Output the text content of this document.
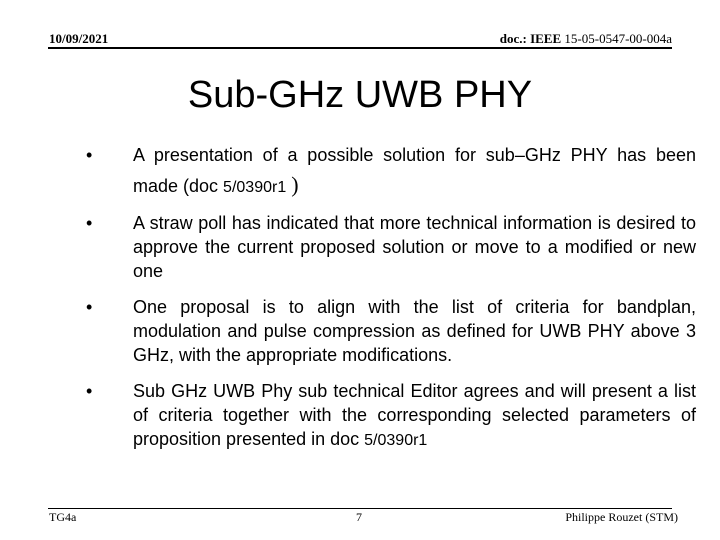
10/09/2021	doc.: IEEE 15-05-0547-00-004a
Sub-GHz UWB PHY
• A presentation of a possible solution for sub–GHz PHY has been made (doc 5/0390r1 )
• A straw poll has indicated that more technical information is desired to approve the current proposed solution or move to a modified or new one
• One proposal is to align with the list of criteria for bandplan, modulation and pulse compression as defined for UWB PHY above 3 GHz, with the appropriate modifications.
• Sub GHz UWB Phy sub technical Editor agrees and will present a list of criteria together with the corresponding selected parameters of proposition presented in doc 5/0390r1
TG4a	7	Philippe Rouzet (STM)
